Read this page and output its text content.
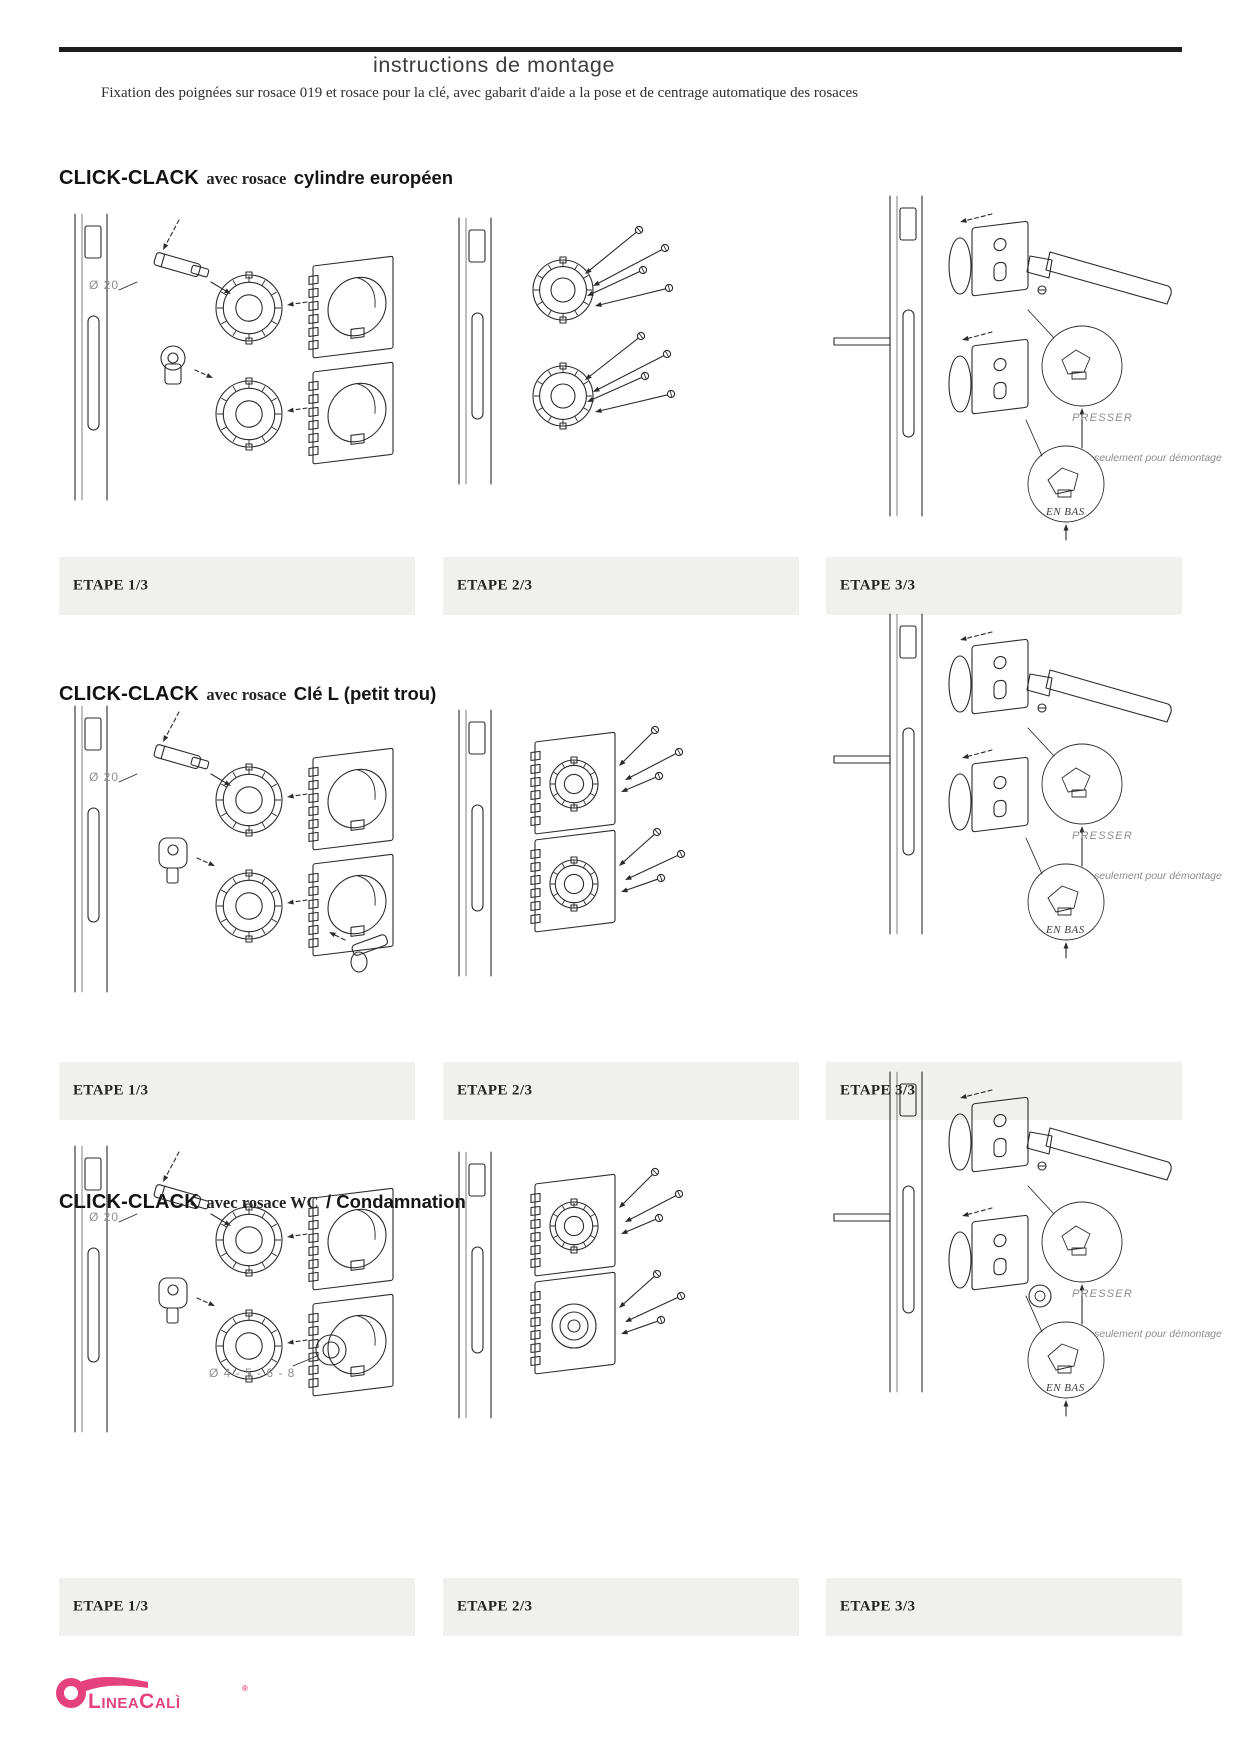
instructions de montage
Fixation des poignées sur rosace 019 et rosace pour la clé, avec gabarit d'aide a la pose et de centrage automatique des rosaces
CLICK-CLACK avec rosace cylindre européen
Ø 20
PRESSER
seulement pour démontage
EN BAS
ETAPE 1/3	ETAPE 2/3	ETAPE 3/3
CLICK-CLACK avec rosace Clé L (petit trou)
Ø 20
PRESSER
seulement pour démontage
EN BAS
ETAPE 1/3	ETAPE 2/3	ETAPE 3/3
CLICK-CLACK avec rosace WC / Condamnation
Ø 20
Ø 4 - 5 - 6 - 8
PRESSER
seulement pour démontage
EN BAS
ETAPE 1/3	ETAPE 2/3	ETAPE 3/3
LineaCalì
®
